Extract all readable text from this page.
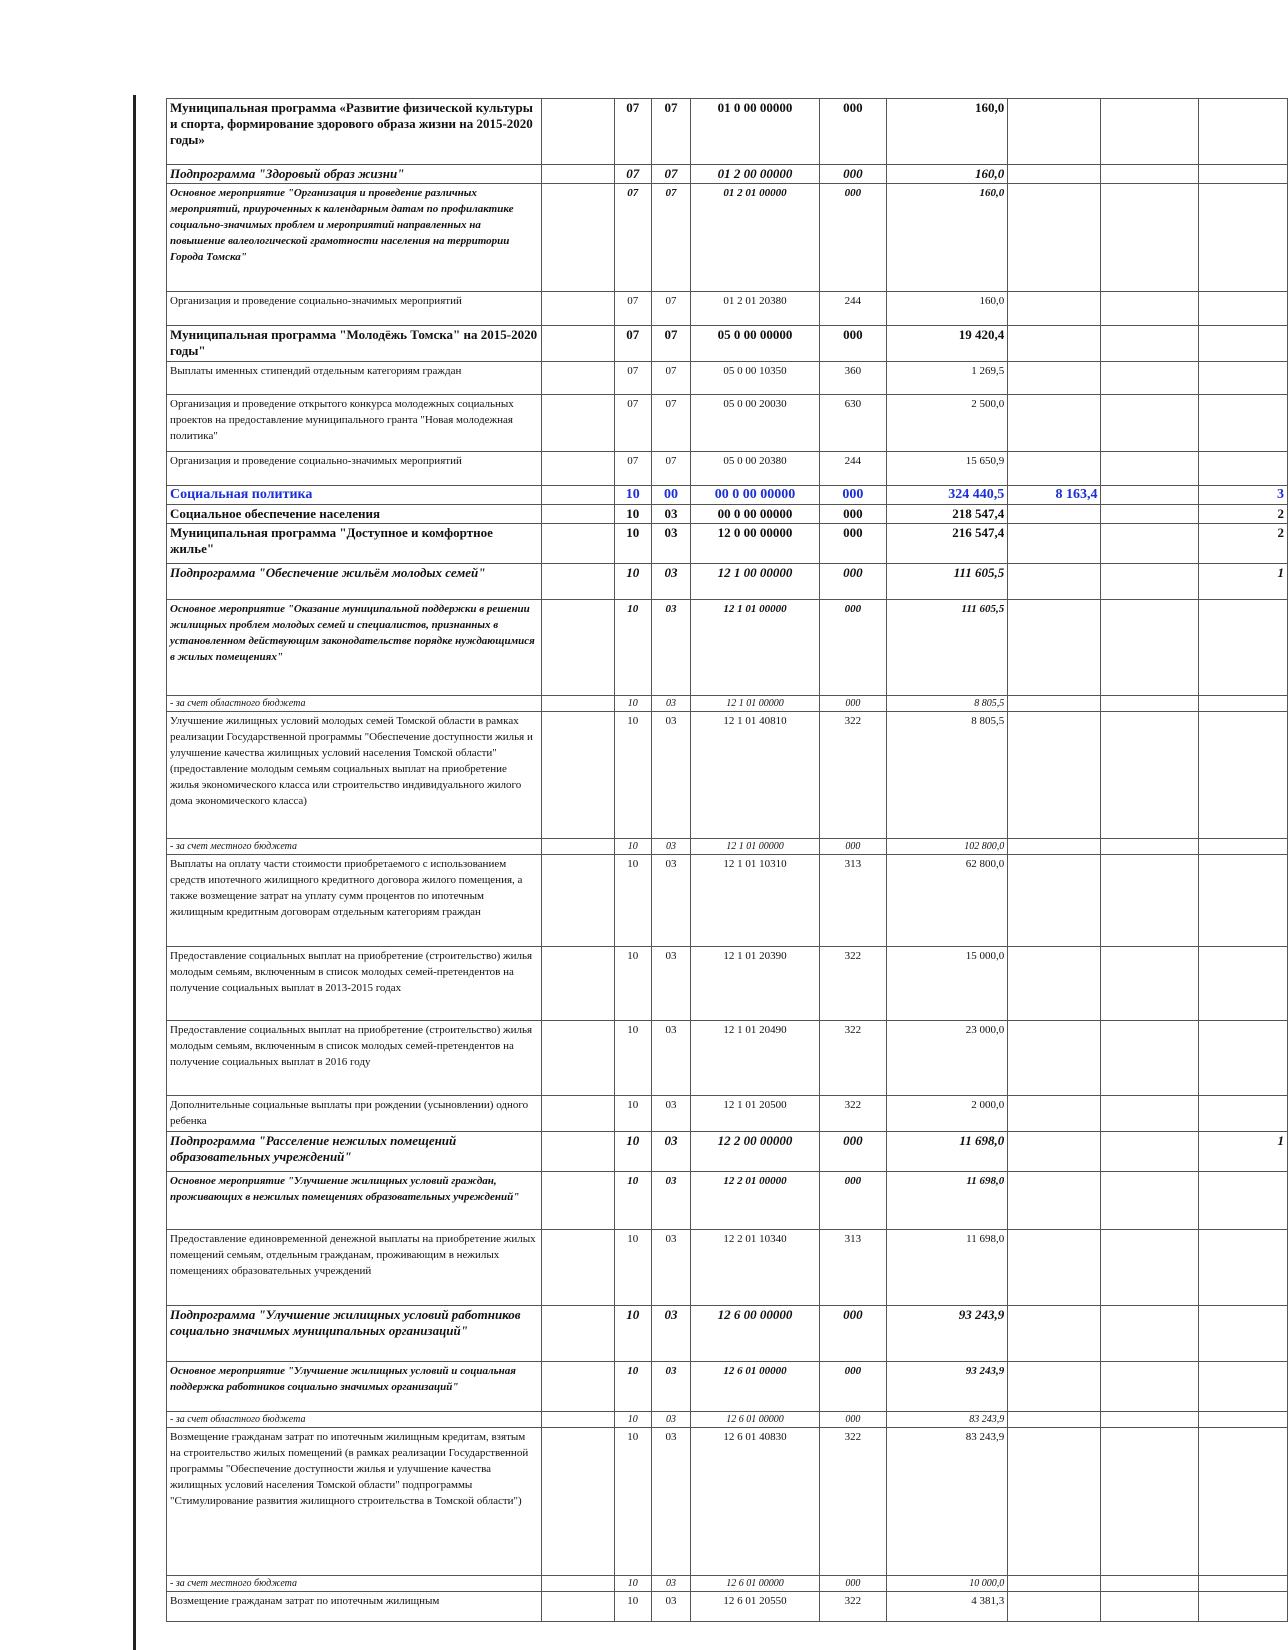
Муниципальная программа «Развитие физической культуры и спорта, формирование здорового образа жизни на 2015-2020 годы»		07	07	01 0 00 00000	000	160,0			
Подпрограмма "Здоровый образ жизни"		07	07	01 2 00 00000	000	160,0			
Основное мероприятие "Организация и проведение различных мероприятий, приуроченных к календарным датам по профилактике социально-значимых проблем и мероприятий направленных на повышение валеологической грамотности населения на территории Города Томска"		07	07	01 2 01 00000	000	160,0			
Организация и проведение социально-значимых мероприятий		07	07	01 2 01 20380	244	160,0			
Муниципальная программа "Молодёжь Томска" на 2015-2020 годы"		07	07	05 0 00 00000	000	19 420,4			
Выплаты именных стипендий отдельным категориям граждан		07	07	05 0 00 10350	360	1 269,5			
Организация и проведение открытого конкурса молодежных социальных проектов на предоставление муниципального гранта "Новая молодежная политика"		07	07	05 0 00 20030	630	2 500,0			
Организация и проведение социально-значимых мероприятий		07	07	05 0 00 20380	244	15 650,9			
Социальная политика		10	00	00 0 00 00000	000	324 440,5	8 163,4		3
Социальное обеспечение населения		10	03	00 0 00 00000	000	218 547,4			2
Муниципальная программа "Доступное и комфортное жилье"		10	03	12 0 00 00000	000	216 547,4			2
Подпрограмма "Обеспечение жильём молодых семей"		10	03	12 1 00 00000	000	111 605,5			1
Основное мероприятие "Оказание муниципальной поддержки в решении жилищных проблем молодых семей и специалистов, признанных в установленном действующим законодательстве порядке нуждающимися в жилых помещениях"		10	03	12 1 01 00000	000	111 605,5			
- за счет областного бюджета		10	03	12 1 01 00000	000	8 805,5			
Улучшение жилищных условий молодых семей Томской области в рамках реализации Государственной программы "Обеспечение доступности жилья и улучшение качества жилищных условий населения Томской области" (предоставление молодым семьям социальных выплат на приобретение жилья экономического класса или строительство индивидуального жилого дома экономического класса)		10	03	12 1 01 40810	322	8 805,5			
- за счет местного бюджета		10	03	12 1 01 00000	000	102 800,0			
Выплаты на оплату части стоимости приобретаемого с использованием средств ипотечного жилищного кредитного договора жилого помещения, а также возмещение затрат на уплату сумм процентов по ипотечным жилищным кредитным договорам отдельным категориям граждан		10	03	12 1 01 10310	313	62 800,0			
Предоставление социальных выплат на приобретение (строительство) жилья молодым семьям, включенным в список молодых семей-претендентов на получение социальных выплат в 2013-2015 годах		10	03	12 1 01 20390	322	15 000,0			
Предоставление социальных выплат на приобретение (строительство) жилья молодым семьям, включенным в список молодых семей-претендентов на получение социальных выплат в 2016 году		10	03	12 1 01 20490	322	23 000,0			
Дополнительные социальные выплаты при рождении (усыновлении) одного ребенка		10	03	12 1 01 20500	322	2 000,0			
Подпрограмма "Расселение нежилых помещений образовательных учреждений"		10	03	12 2 00 00000	000	11 698,0			1
Основное мероприятие "Улучшение жилищных условий граждан, проживающих в нежилых помещениях образовательных учреждений"		10	03	12 2 01 00000	000	11 698,0			
Предоставление единовременной денежной выплаты на приобретение жилых помещений семьям, отдельным гражданам, проживающим в нежилых помещениях образовательных учреждений		10	03	12 2 01 10340	313	11 698,0			
Подпрограмма "Улучшение жилищных условий работников социально значимых муниципальных организаций"		10	03	12 6 00 00000	000	93 243,9			
Основное мероприятие "Улучшение жилищных условий и социальная поддержка работников социально значимых организаций"		10	03	12 6 01 00000	000	93 243,9			
- за счет областного бюджета		10	03	12 6 01 00000	000	83 243,9			
Возмещение гражданам затрат по ипотечным жилищным кредитам, взятым на строительство жилых помещений (в рамках реализации Государственной программы "Обеспечение доступности жилья и улучшение качества жилищных условий населения Томской области" подпрограммы "Стимулирование развития жилищного строительства в Томской области")		10	03	12 6 01 40830	322	83 243,9			
- за счет местного бюджета		10	03	12 6 01 00000	000	10 000,0			
Возмещение гражданам затрат по ипотечным жилищным		10	03	12 6 01 20550	322	4 381,3			
